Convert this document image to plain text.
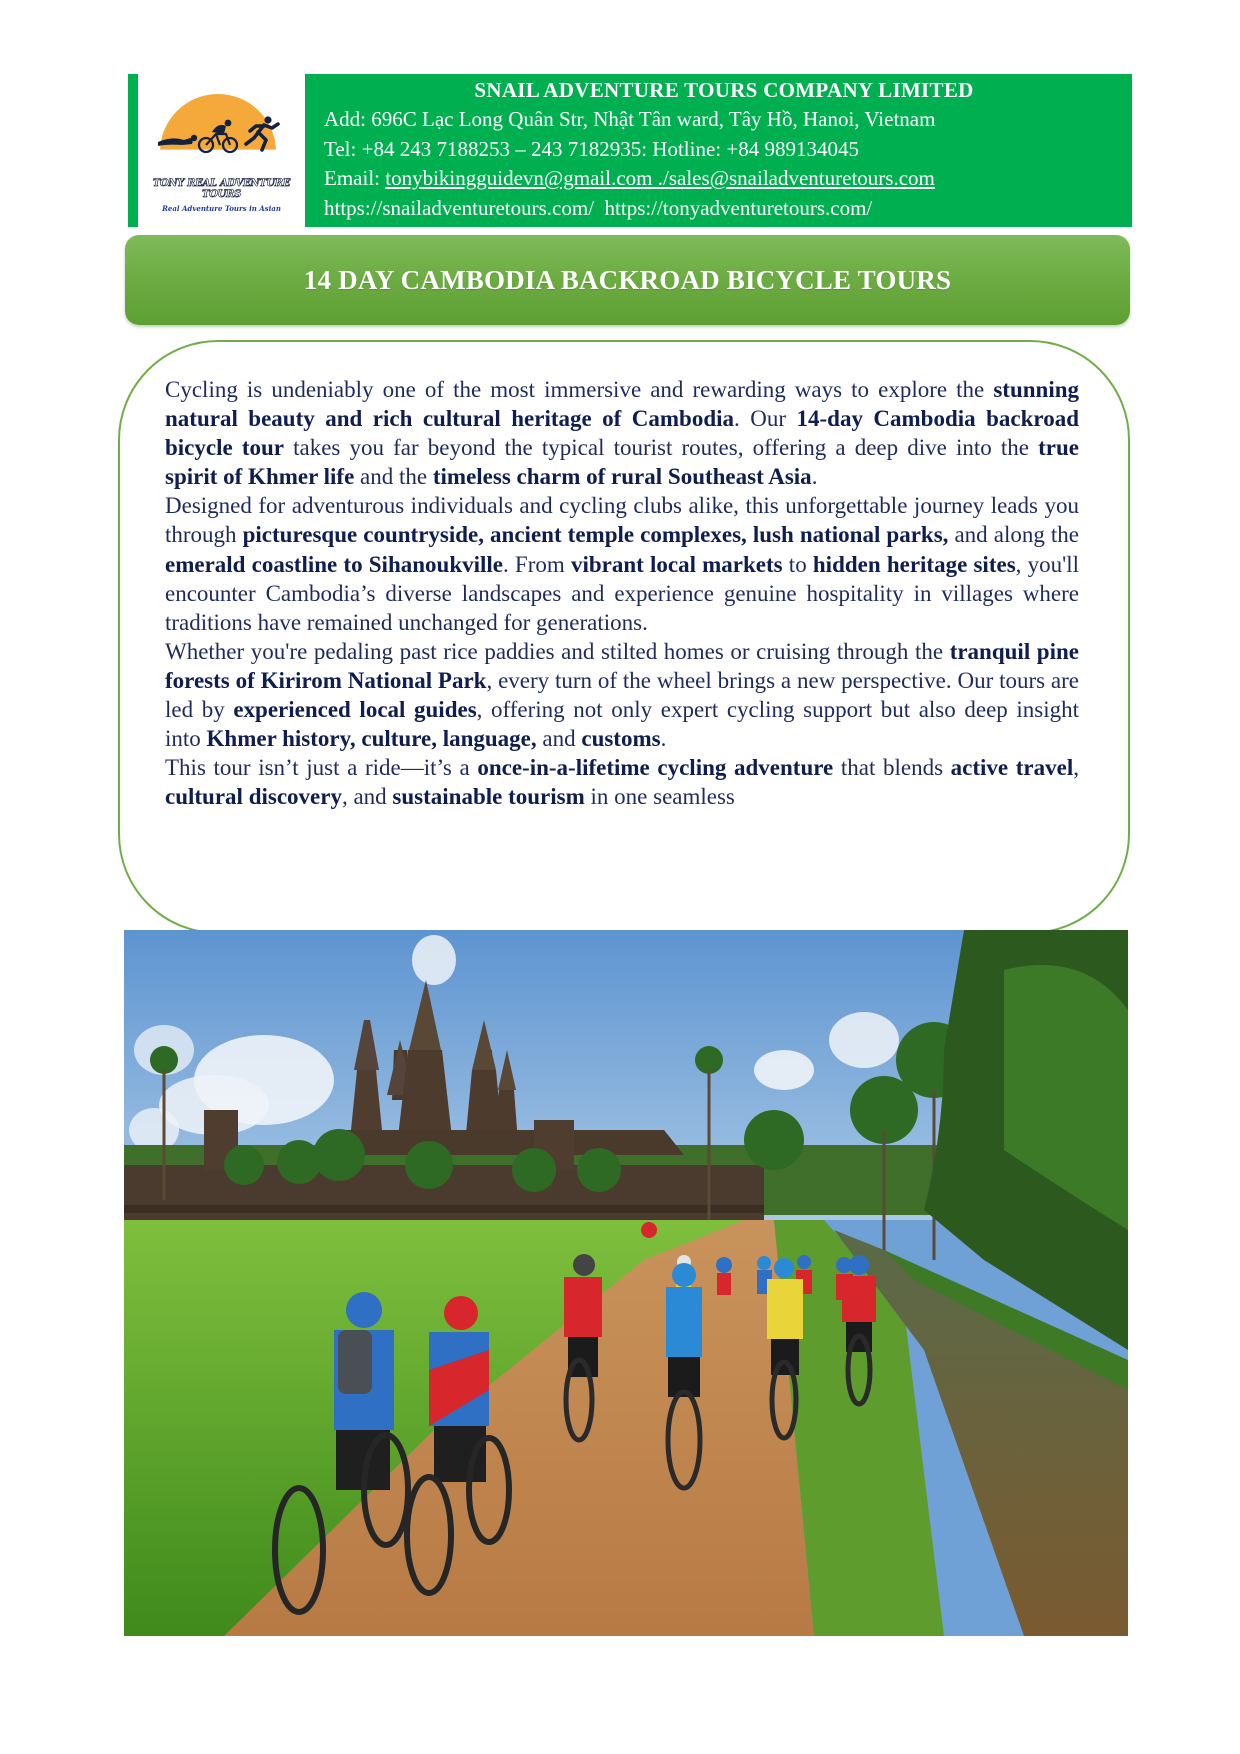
TONY REAL ADVENTURE TOURS
Real Adventure Tours in Asian
SNAIL ADVENTURE TOURS COMPANY LIMITED
Add: 696C Lạc Long Quân Str, Nhật Tân ward, Tây Hồ, Hanoi, Vietnam
Tel: +84 243 7188253 – 243 7182935: Hotline: +84 989134045
Email: tonybikingguidevn@gmail.com ./sales@snailadventuretours.com
https://snailadventuretours.com/ https://tonyadventuretours.com/
14 DAY CAMBODIA BACKROAD BICYCLE TOURS

Cycling is undeniably one of the most immersive and rewarding ways to explore the stunning natural beauty and rich cultural heritage of Cambodia. Our 14-day Cambodia backroad bicycle tour takes you far beyond the typical tourist routes, offering a deep dive into the true spirit of Khmer life and the timeless charm of rural Southeast Asia.

Designed for adventurous individuals and cycling clubs alike, this unforgettable journey leads you through picturesque countryside, ancient temple complexes, lush national parks, and along the emerald coastline to Sihanoukville. From vibrant local markets to hidden heritage sites, you'll encounter Cambodia’s diverse landscapes and experience genuine hospitality in villages where traditions have remained unchanged for generations.

Whether you're pedaling past rice paddies and stilted homes or cruising through the tranquil pine forests of Kirirom National Park, every turn of the wheel brings a new perspective. Our tours are led by experienced local guides, offering not only expert cycling support but also deep insight into Khmer history, culture, language, and customs.

This tour isn’t just a ride—it’s a once-in-a-lifetime cycling adventure that blends active travel, cultural discovery, and sustainable tourism in one seamless
